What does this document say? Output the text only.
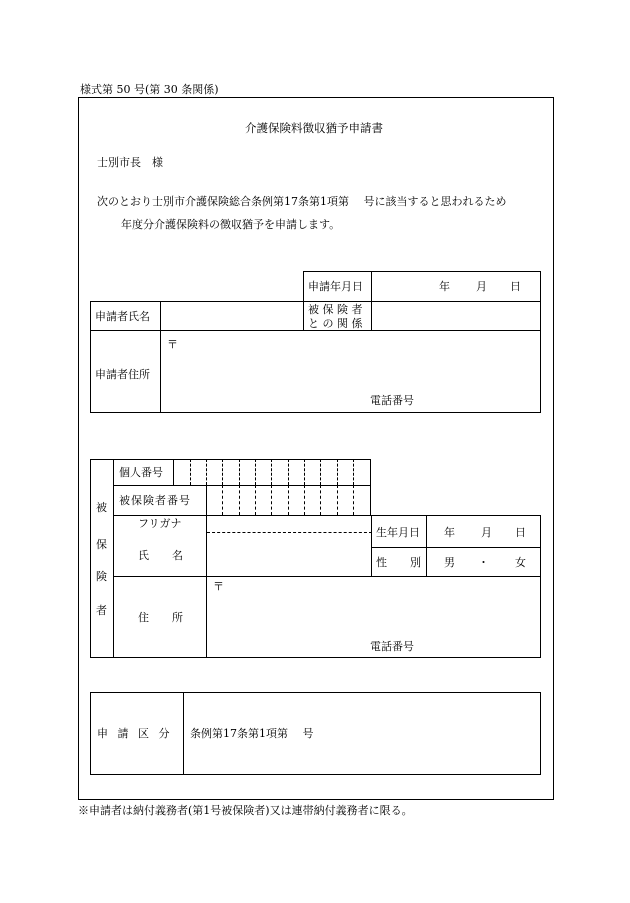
様式第 50 号(第 30 条関係)
介護保険料徴収猶予申請書
士別市長　様
次のとおり士別市介護保険総合条例第17条第1項第　 号に該当すると思われるため
年度分介護保険料の徴収猶予を申請します。
申請年月日	年 月 日
申請者氏名
被 保 険 者
と の 関 係
申請者住所
〒
電話番号
被
保
険
者
個人番号
被保険者番号
フリガナ
氏 名
生年月日 年 月 日
性 別 男 ・ 女
住 所
〒
電話番号
申 請 区 分 条例第17条第1項第　 号
※申請者は納付義務者(第1号被保険者)又は連帯納付義務者に限る。
